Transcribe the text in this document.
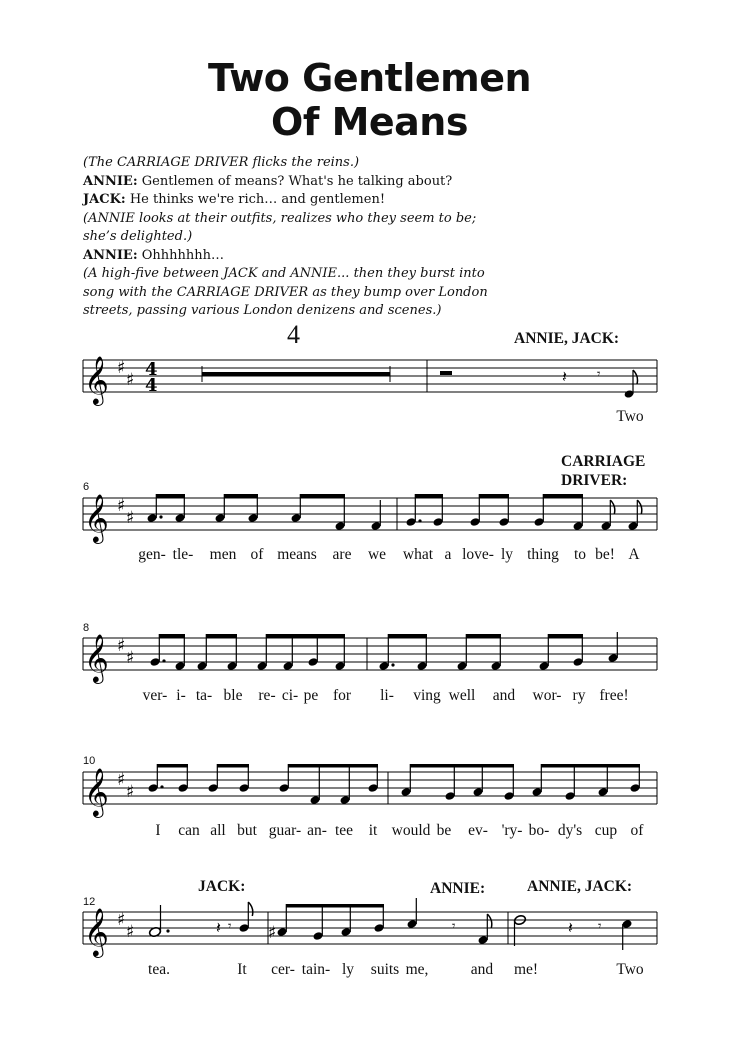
Two Gentlemen
Of Means
(The CARRIAGE DRIVER flicks the reins.)
ANNIE: Gentlemen of means? What's he talking about?
JACK: He thinks we're rich… and gentlemen!
(ANNIE looks at their outfits, realizes who they seem to be;
she’s delighted.)
ANNIE: Ohhhhhhh…
(A high-five between JACK and ANNIE... then they burst into
song with the CARRIAGE DRIVER as they bump over London
streets, passing various London denizens and scenes.)
4	ANNIE, JACK:
𝄞 ♯
♯ 4
4	𝄽 𝄾
Two
CARRIAGE
DRIVER:
6
𝄞 ♯
♯
gen- tle- men of means are we what a love- ly thing to be! A
8
𝄞 ♯
♯
ver- i- ta- ble re- ci- pe for li- ving well and wor- ry free!
10
𝄞 ♯
♯
I can all but guar- an- tee it would be ev- 'ry- bo- dy's cup of
JACK:	ANNIE:	ANNIE, JACK:
12
𝄞 ♯
♯	𝄽 𝄾 ♯	𝄾	𝄽 𝄾
tea.	It cer- tain- ly suits me,	and me!	Two
